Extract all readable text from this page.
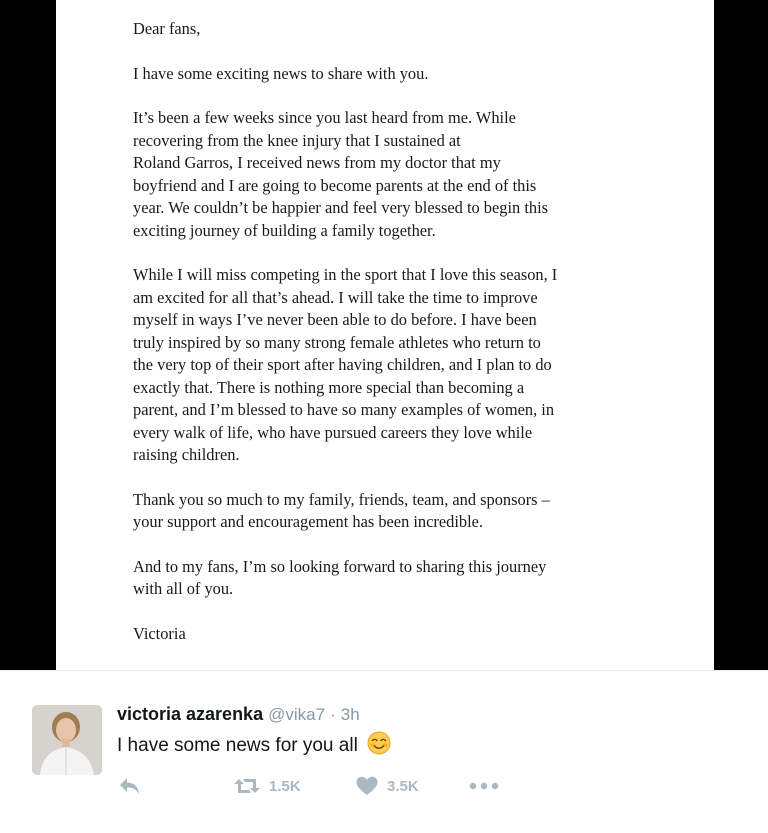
Dear fans,

I have some exciting news to share with you.

It’s been a few weeks since you last heard from me. While
recovering from the knee injury that I sustained at
Roland Garros, I received news from my doctor that my
boyfriend and I are going to become parents at the end of this
year. We couldn’t be happier and feel very blessed to begin this
exciting journey of building a family together.

While I will miss competing in the sport that I love this season, I
am excited for all that’s ahead. I will take the time to improve
myself in ways I’ve never been able to do before. I have been
truly inspired by so many strong female athletes who return to
the very top of their sport after having children, and I plan to do
exactly that. There is nothing more special than becoming a
parent, and I’m blessed to have so many examples of women, in
every walk of life, who have pursued careers they love while
raising children.

Thank you so much to my family, friends, team, and sponsors –
your support and encouragement has been incredible.

And to my fans, I’m so looking forward to sharing this journey
with all of you.

Victoria

victoria azarenka @vika7 · 3h
I have some news for you all
1.5K	3.5K
